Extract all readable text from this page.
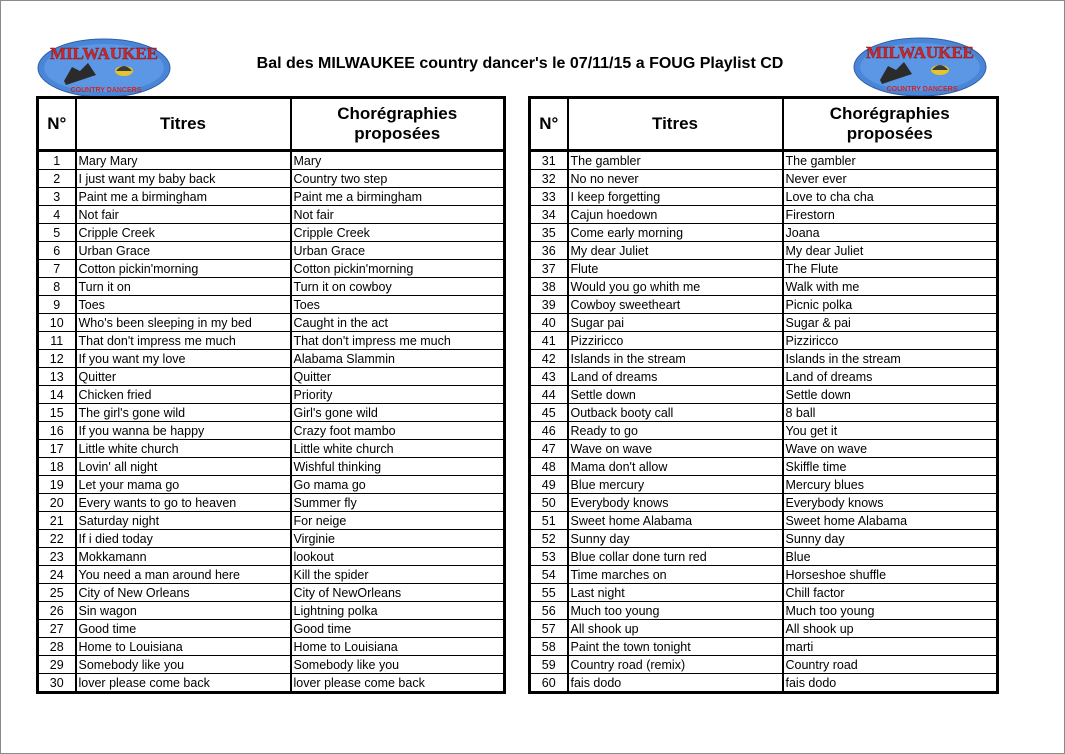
MILWAUKEE
COUNTRY DANCERS
MILWAUKEE
COUNTRY DANCERS
Bal des MILWAUKEE country dancer's le 07/11/15 a FOUG Playlist CD
N°	Titres	Chorégraphies
proposées
1	Mary Mary	Mary
2	I just want my baby back	Country two step
3	Paint me a birmingham	Paint me a birmingham
4	Not fair	Not fair
5	Cripple Creek	Cripple Creek
6	Urban Grace	Urban Grace
7	Cotton pickin'morning	Cotton pickin'morning
8	Turn it on	Turn it on cowboy
9	Toes	Toes
10	Who's been sleeping in my bed	Caught in the act
11	That don't impress me much	That don't impress me much
12	If you want my love	Alabama Slammin
13	Quitter	Quitter
14	Chicken fried	Priority
15	The girl's gone wild	Girl's gone wild
16	If you wanna be happy	Crazy foot mambo
17	Little white church	Little white church
18	Lovin' all night	Wishful thinking
19	Let your mama go	Go mama go
20	Every wants to go to heaven	Summer fly
21	Saturday night	For neige
22	If i died today	Virginie
23	Mokkamann	lookout
24	You need a man around here	Kill the spider
25	City of New Orleans	City of NewOrleans
26	Sin wagon	Lightning polka
27	Good time	Good time
28	Home to Louisiana	Home to Louisiana
29	Somebody like you	Somebody like you
30	lover please come back	lover please come back
N°	Titres	Chorégraphies
proposées
31	The gambler	The gambler
32	No no never	Never ever
33	I keep forgetting	Love to cha cha
34	Cajun hoedown	Firestorn
35	Come early morning	Joana
36	My dear Juliet	My dear Juliet
37	Flute	The Flute
38	Would you go whith me	Walk with me
39	Cowboy sweetheart	Picnic polka
40	Sugar pai	Sugar & pai
41	Pizziricco	Pizziricco
42	Islands in the stream	Islands in the stream
43	Land of dreams	Land of dreams
44	Settle down	Settle down
45	Outback booty call	8 ball
46	Ready to go	You get it
47	Wave on wave	Wave on wave
48	Mama don't allow	Skiffle time
49	Blue mercury	Mercury blues
50	Everybody knows	Everybody knows
51	Sweet home Alabama	Sweet home Alabama
52	Sunny day	Sunny day
53	Blue collar done turn red	Blue
54	Time marches on	Horseshoe shuffle
55	Last night	Chill factor
56	Much too young	Much too young
57	All shook up	All shook up
58	Paint the town tonight	marti
59	Country road (remix)	Country road
60	fais dodo	fais dodo
